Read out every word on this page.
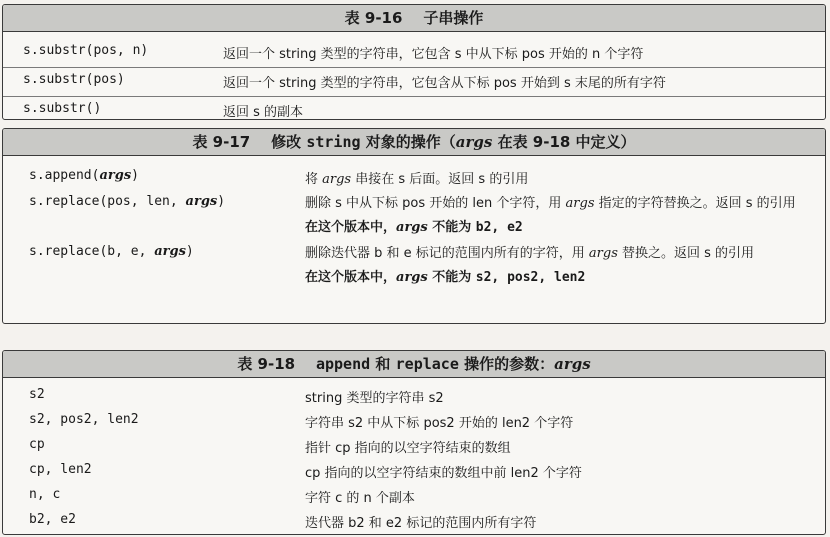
表 9-16 子串操作
s.substr(pos, n)	返回一个 string 类型的字符串，它包含 s 中从下标 pos 开始的 n 个字符
s.substr(pos)	返回一个 string 类型的字符串，它包含从下标 pos 开始到 s 末尾的所有字符
s.substr()	返回 s 的副本
表 9-17 修改 string 对象的操作（args 在表 9-18 中定义）
s.append(args)	将 args 串接在 s 后面。返回 s 的引用
s.replace(pos, len, args)	删除 s 中从下标 pos 开始的 len 个字符，用 args 指定的字符替换之。返回 s 的引用
在这个版本中，args 不能为 b2, e2
s.replace(b, e, args)	删除迭代器 b 和 e 标记的范围内所有的字符，用 args 替换之。返回 s 的引用
在这个版本中，args 不能为 s2, pos2, len2
表 9-18 append 和 replace 操作的参数：args
s2	string 类型的字符串 s2
s2, pos2, len2	字符串 s2 中从下标 pos2 开始的 len2 个字符
cp	指针 cp 指向的以空字符结束的数组
cp, len2	cp 指向的以空字符结束的数组中前 len2 个字符
n, c	字符 c 的 n 个副本
b2, e2	迭代器 b2 和 e2 标记的范围内所有字符
